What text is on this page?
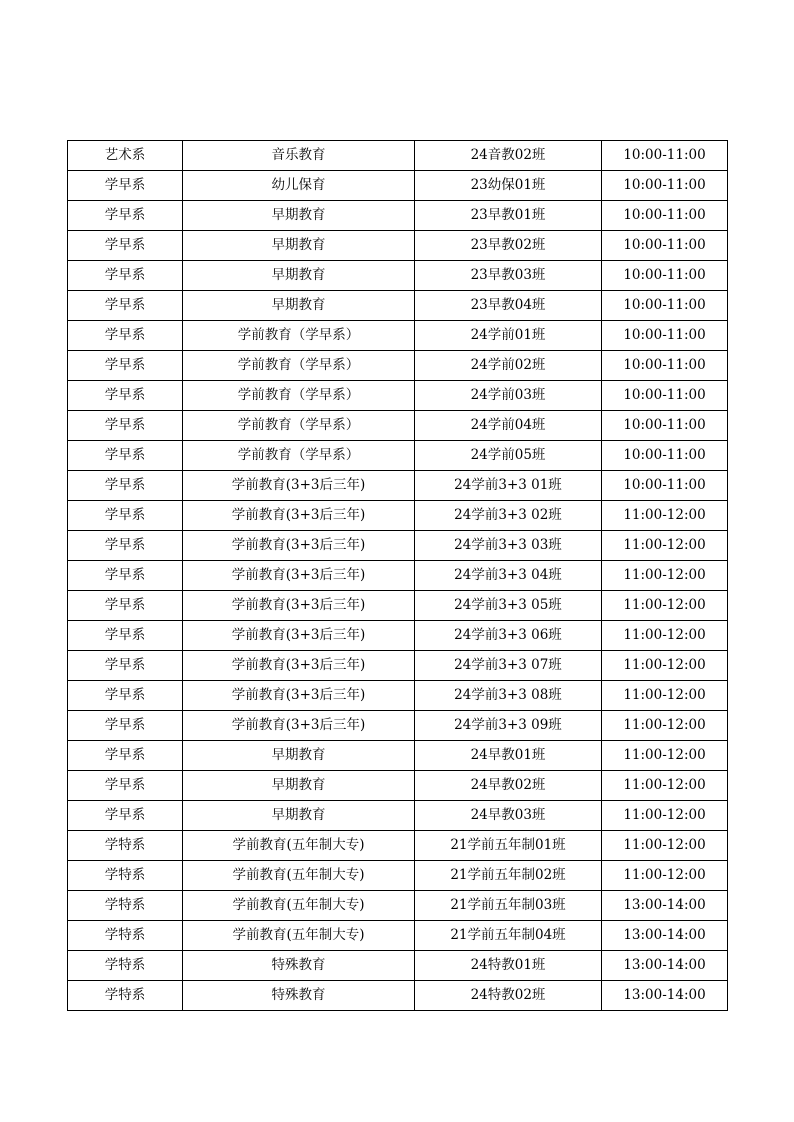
艺术系	音乐教育	24音教02班	10:00-11:00
学早系	幼儿保育	23幼保01班	10:00-11:00
学早系	早期教育	23早教01班	10:00-11:00
学早系	早期教育	23早教02班	10:00-11:00
学早系	早期教育	23早教03班	10:00-11:00
学早系	早期教育	23早教04班	10:00-11:00
学早系	学前教育（学早系）	24学前01班	10:00-11:00
学早系	学前教育（学早系）	24学前02班	10:00-11:00
学早系	学前教育（学早系）	24学前03班	10:00-11:00
学早系	学前教育（学早系）	24学前04班	10:00-11:00
学早系	学前教育（学早系）	24学前05班	10:00-11:00
学早系	学前教育(3+3后三年)	24学前3+3 01班	10:00-11:00
学早系	学前教育(3+3后三年)	24学前3+3 02班	11:00-12:00
学早系	学前教育(3+3后三年)	24学前3+3 03班	11:00-12:00
学早系	学前教育(3+3后三年)	24学前3+3 04班	11:00-12:00
学早系	学前教育(3+3后三年)	24学前3+3 05班	11:00-12:00
学早系	学前教育(3+3后三年)	24学前3+3 06班	11:00-12:00
学早系	学前教育(3+3后三年)	24学前3+3 07班	11:00-12:00
学早系	学前教育(3+3后三年)	24学前3+3 08班	11:00-12:00
学早系	学前教育(3+3后三年)	24学前3+3 09班	11:00-12:00
学早系	早期教育	24早教01班	11:00-12:00
学早系	早期教育	24早教02班	11:00-12:00
学早系	早期教育	24早教03班	11:00-12:00
学特系	学前教育(五年制大专)	21学前五年制01班	11:00-12:00
学特系	学前教育(五年制大专)	21学前五年制02班	11:00-12:00
学特系	学前教育(五年制大专)	21学前五年制03班	13:00-14:00
学特系	学前教育(五年制大专)	21学前五年制04班	13:00-14:00
学特系	特殊教育	24特教01班	13:00-14:00
学特系	特殊教育	24特教02班	13:00-14:00
